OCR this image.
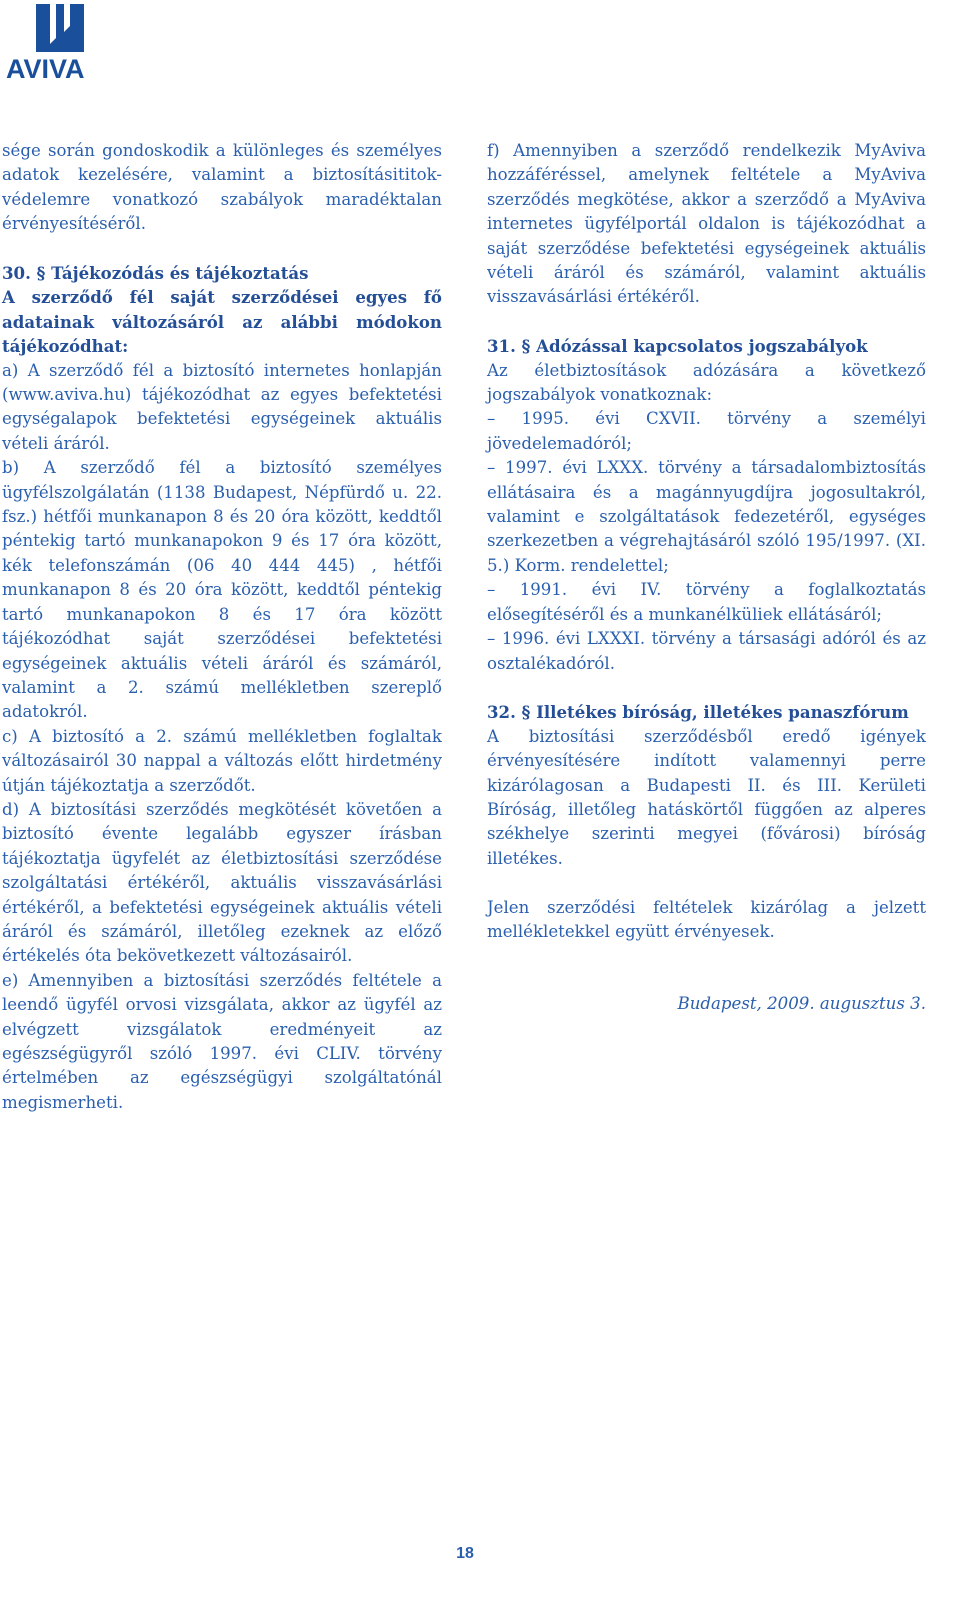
AVIVA

sége során gondoskodik a különleges és személyes adatok kezelésére, valamint a biztosításititok-védelemre vonatkozó szabályok maradéktalan érvényesítéséről.

30. § Tájékozódás és tájékoztatás

A szerződő fél saját szerződései egyes fő adatainak változásáról az alábbi módokon tájékozódhat:

a) A szerződő fél a biztosító internetes honlapján (www.aviva.hu) tájékozódhat az egyes befektetési egységalapok befektetési egységeinek aktuális vételi áráról.

b) A szerződő fél a biztosító személyes ügyfélszolgálatán (1138 Budapest, Népfürdő u. 22. fsz.) hétfői munkanapon 8 és 20 óra között, keddtől péntekig tartó munkanapokon 9 és 17 óra között, kék telefonszámán (06 40 444 445) , hétfői munkanapon 8 és 20 óra között, keddtől péntekig tartó munkanapokon 8 és 17 óra között tájékozódhat saját szerződései befektetési egységeinek aktuális vételi áráról és számáról, valamint a 2. számú mellékletben szereplő adatokról.

c) A biztosító a 2. számú mellékletben foglaltak változásairól 30 nappal a változás előtt hirdetmény útján tájékoztatja a szerződőt.

d) A biztosítási szerződés megkötését követően a biztosító évente legalább egyszer írásban tájékoztatja ügyfelét az életbiztosítási szerződése szolgáltatási értékéről, aktuális visszavásárlási értékéről, a befektetési egységeinek aktuális vételi áráról és számáról, illetőleg ezeknek az előző értékelés óta bekövetkezett változásairól.

e) Amennyiben a biztosítási szerződés feltétele a leendő ügyfél orvosi vizsgálata, akkor az ügyfél az elvégzett vizsgálatok eredményeit az egészségügyről szóló 1997. évi CLIV. törvény értelmében az egészségügyi szolgáltatónál megismerheti.

f) Amennyiben a szerződő rendelkezik MyAviva hozzáféréssel, amelynek feltétele a MyAviva szerződés megkötése, akkor a szerződő a MyAviva internetes ügyfélportál oldalon is tájékozódhat a saját szerződése befektetési egységeinek aktuális vételi áráról és számáról, valamint aktuális visszavásárlási értékéről.

31. § Adózással kapcsolatos jogszabályok

Az életbiztosítások adózására a következő jogszabályok vonatkoznak:

– 1995. évi CXVII. törvény a személyi jövedelemadóról;

– 1997. évi LXXX. törvény a társadalombiztosítás ellátásaira és a magánnyugdíjra jogosultakról, valamint e szolgáltatások fedezetéről, egységes szerkezetben a végrehajtásáról szóló 195/1997. (XI. 5.) Korm. rendelettel;

– 1991. évi IV. törvény a foglalkoztatás elősegítéséről és a munkanélküliek ellátásáról;

– 1996. évi LXXXI. törvény a társasági adóról és az osztalékadóról.

32. § Illetékes bíróság, illetékes panaszfórum

A biztosítási szerződésből eredő igények érvényesítésére indított valamennyi perre kizárólagosan a Budapesti II. és III. Kerületi Bíróság, illetőleg hatáskörtől függően az alperes székhelye szerinti megyei (fővárosi) bíróság illetékes.

Jelen szerződési feltételek kizárólag a jelzett mellékletekkel együtt érvényesek.

Budapest, 2009. augusztus 3.

18
